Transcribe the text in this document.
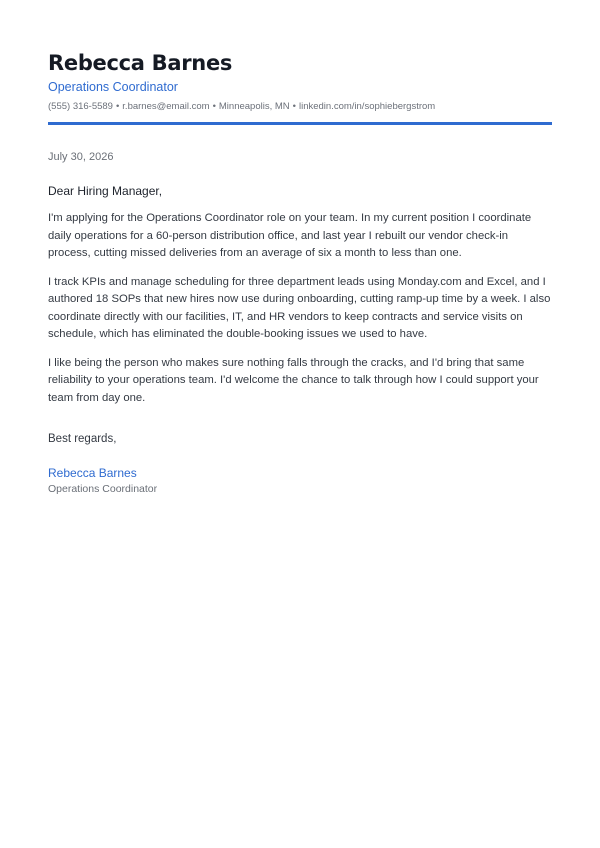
Rebecca Barnes
Operations Coordinator
(555) 316-5589 • r.barnes@email.com • Minneapolis, MN • linkedin.com/in/sophiebergstrom
July 30, 2026
Dear Hiring Manager,

I'm applying for the Operations Coordinator role on your team. In my current position I coordinate daily operations for a 60-person distribution office, and last year I rebuilt our vendor check-in process, cutting missed deliveries from an average of six a month to less than one.

I track KPIs and manage scheduling for three department leads using Monday.com and Excel, and I authored 18 SOPs that new hires now use during onboarding, cutting ramp-up time by a week. I also coordinate directly with our facilities, IT, and HR vendors to keep contracts and service visits on schedule, which has eliminated the double-booking issues we used to have.

I like being the person who makes sure nothing falls through the cracks, and I'd bring that same reliability to your operations team. I'd welcome the chance to talk through how I could support your team from day one.

Best regards,
Rebecca Barnes
Operations Coordinator
